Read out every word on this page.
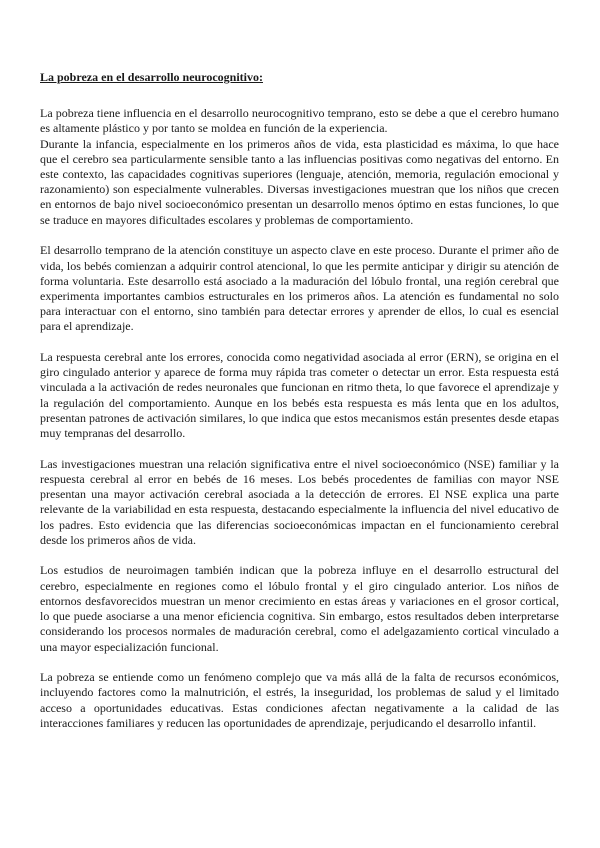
La pobreza en el desarrollo neurocognitivo:

La pobreza tiene influencia en el desarrollo neurocognitivo temprano, esto se debe a que el cerebro humano es altamente plástico y por tanto se moldea en función de la experiencia.

Durante la infancia, especialmente en los primeros años de vida, esta plasticidad es máxima, lo que hace que el cerebro sea particularmente sensible tanto a las influencias positivas como negativas del entorno. En este contexto, las capacidades cognitivas superiores (lenguaje, atención, memoria, regulación emocional y razonamiento) son especialmente vulnerables. Diversas investigaciones muestran que los niños que crecen en entornos de bajo nivel socioeconómico presentan un desarrollo menos óptimo en estas funciones, lo que se traduce en mayores dificultades escolares y problemas de comportamiento.

El desarrollo temprano de la atención constituye un aspecto clave en este proceso. Durante el primer año de vida, los bebés comienzan a adquirir control atencional, lo que les permite anticipar y dirigir su atención de forma voluntaria. Este desarrollo está asociado a la maduración del lóbulo frontal, una región cerebral que experimenta importantes cambios estructurales en los primeros años. La atención es fundamental no solo para interactuar con el entorno, sino también para detectar errores y aprender de ellos, lo cual es esencial para el aprendizaje.

La respuesta cerebral ante los errores, conocida como negatividad asociada al error (ERN), se origina en el giro cingulado anterior y aparece de forma muy rápida tras cometer o detectar un error. Esta respuesta está vinculada a la activación de redes neuronales que funcionan en ritmo theta, lo que favorece el aprendizaje y la regulación del comportamiento. Aunque en los bebés esta respuesta es más lenta que en los adultos, presentan patrones de activación similares, lo que indica que estos mecanismos están presentes desde etapas muy tempranas del desarrollo.

Las investigaciones muestran una relación significativa entre el nivel socioeconómico (NSE) familiar y la respuesta cerebral al error en bebés de 16 meses. Los bebés procedentes de familias con mayor NSE presentan una mayor activación cerebral asociada a la detección de errores. El NSE explica una parte relevante de la variabilidad en esta respuesta, destacando especialmente la influencia del nivel educativo de los padres. Esto evidencia que las diferencias socioeconómicas impactan en el funcionamiento cerebral desde los primeros años de vida.

Los estudios de neuroimagen también indican que la pobreza influye en el desarrollo estructural del cerebro, especialmente en regiones como el lóbulo frontal y el giro cingulado anterior. Los niños de entornos desfavorecidos muestran un menor crecimiento en estas áreas y variaciones en el grosor cortical, lo que puede asociarse a una menor eficiencia cognitiva. Sin embargo, estos resultados deben interpretarse considerando los procesos normales de maduración cerebral, como el adelgazamiento cortical vinculado a una mayor especialización funcional.

La pobreza se entiende como un fenómeno complejo que va más allá de la falta de recursos económicos, incluyendo factores como la malnutrición, el estrés, la inseguridad, los problemas de salud y el limitado acceso a oportunidades educativas. Estas condiciones afectan negativamente a la calidad de las interacciones familiares y reducen las oportunidades de aprendizaje, perjudicando el desarrollo infantil.
